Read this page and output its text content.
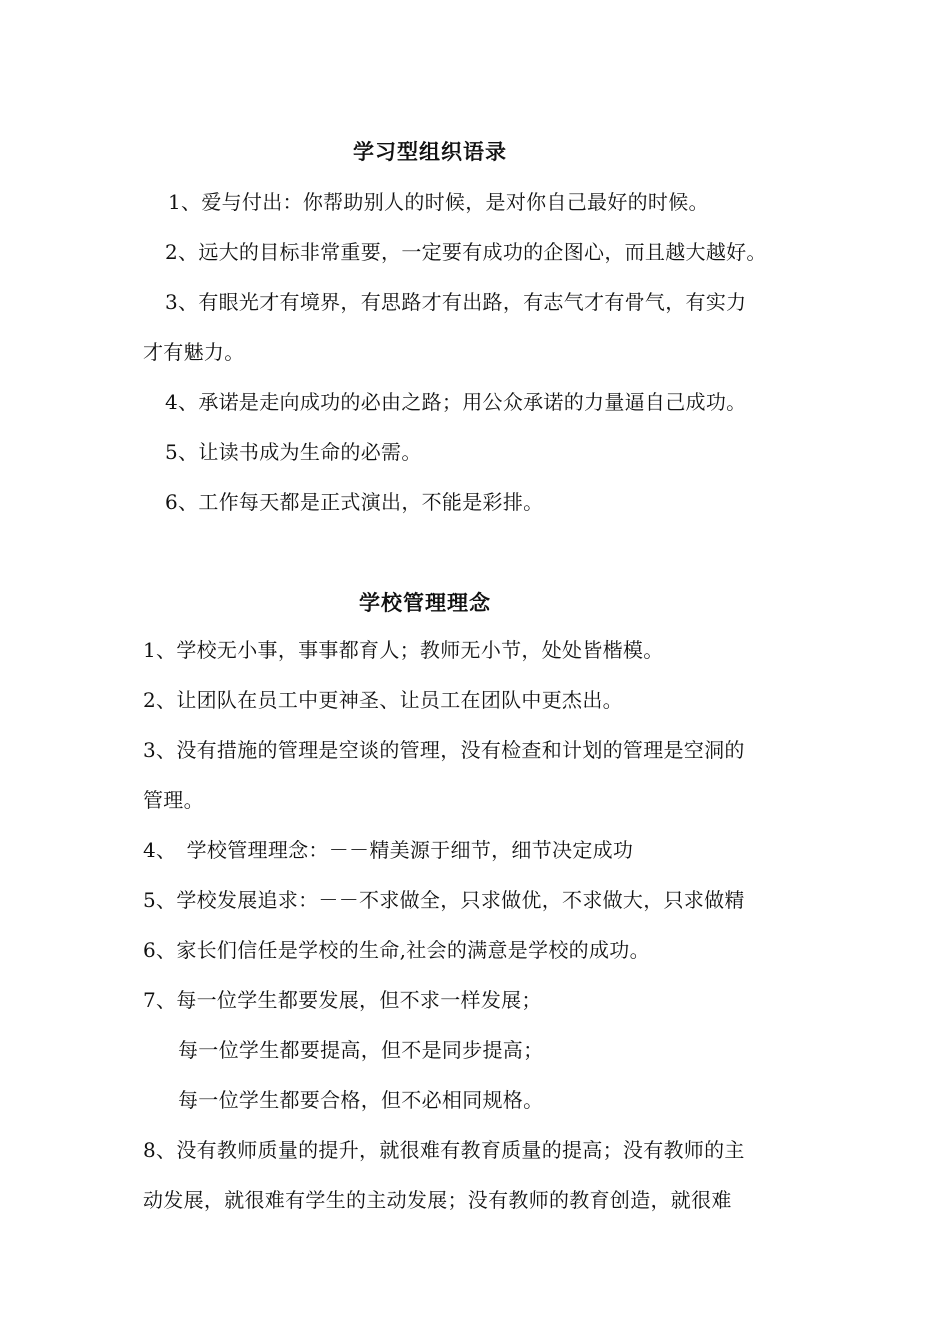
学习型组织语录
1、爱与付出：你帮助别人的时候，是对你自己最好的时候。
2、远大的目标非常重要，一定要有成功的企图心，而且越大越好。
3、有眼光才有境界，有思路才有出路，有志气才有骨气，有实力
才有魅力。
4、承诺是走向成功的必由之路；用公众承诺的力量逼自己成功。
5、让读书成为生命的必需。
6、工作每天都是正式演出，不能是彩排。
学校管理理念
1、学校无小事，事事都育人；教师无小节，处处皆楷模。
2、让团队在员工中更神圣、让员工在团队中更杰出。
3、没有措施的管理是空谈的管理，没有检查和计划的管理是空洞的
管理。
4、　学校管理理念：－－精美源于细节，细节决定成功
5、学校发展追求：－－不求做全，只求做优，不求做大，只求做精
6、家长们信任是学校的生命,社会的满意是学校的成功。
7、每一位学生都要发展，但不求一样发展；
每一位学生都要提高，但不是同步提高；
每一位学生都要合格，但不必相同规格。
8、没有教师质量的提升，就很难有教育质量的提高；没有教师的主
动发展，就很难有学生的主动发展；没有教师的教育创造，就很难
